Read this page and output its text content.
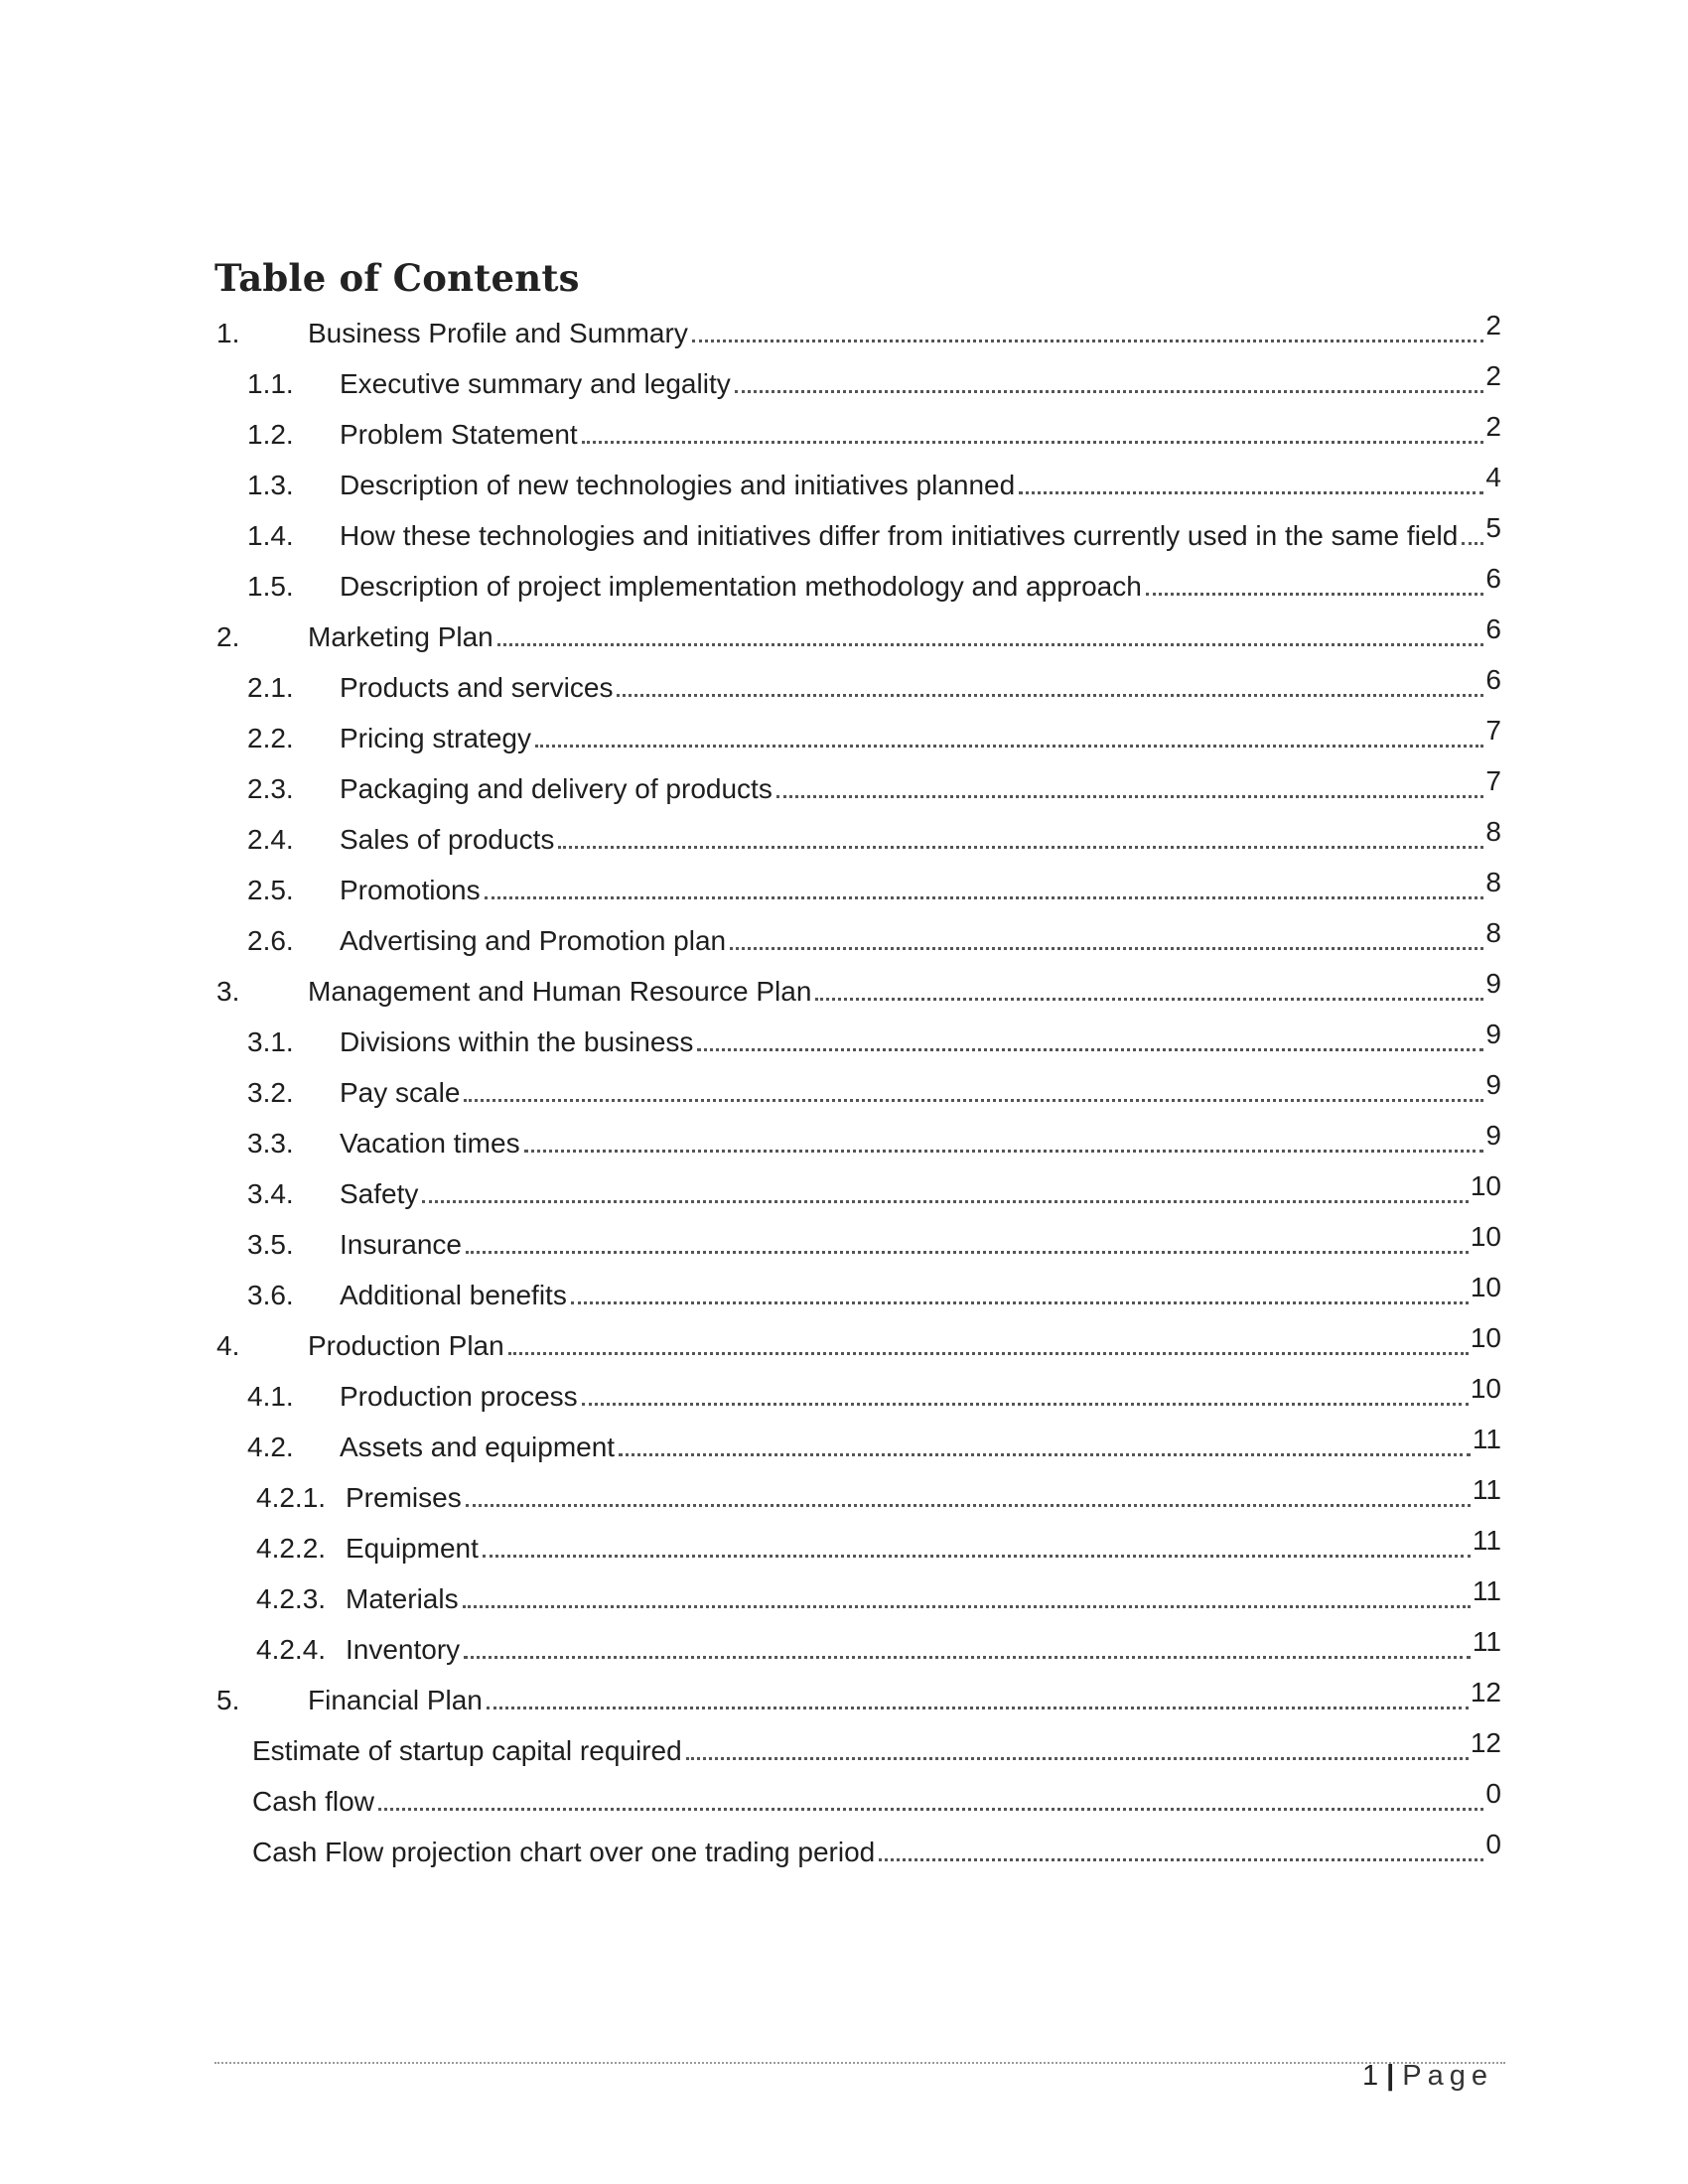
Table of Contents
1. Business Profile and Summary	2
1.1. Executive summary and legality	2
1.2. Problem Statement	2
1.3. Description of new technologies and initiatives planned	4
1.4. How these technologies and initiatives differ from initiatives currently used in the same field 5
1.5. Description of project implementation methodology and approach	6
2. Marketing Plan	6
2.1. Products and services	6
2.2. Pricing strategy	7
2.3. Packaging and delivery of products	7
2.4. Sales of products	8
2.5. Promotions	8
2.6. Advertising and Promotion plan	8
3. Management and Human Resource Plan	9
3.1. Divisions within the business	9
3.2. Pay scale	9
3.3. Vacation times	9
3.4. Safety	10
3.5. Insurance	10
3.6. Additional benefits	10
4. Production Plan	10
4.1. Production process	10
4.2. Assets and equipment	11
4.2.1. Premises	11
4.2.2. Equipment	11
4.2.3. Materials	11
4.2.4. Inventory	11
5. Financial Plan	12
Estimate of startup capital required	12
Cash flow	0
Cash Flow projection chart over one trading period	0
1 | Page
